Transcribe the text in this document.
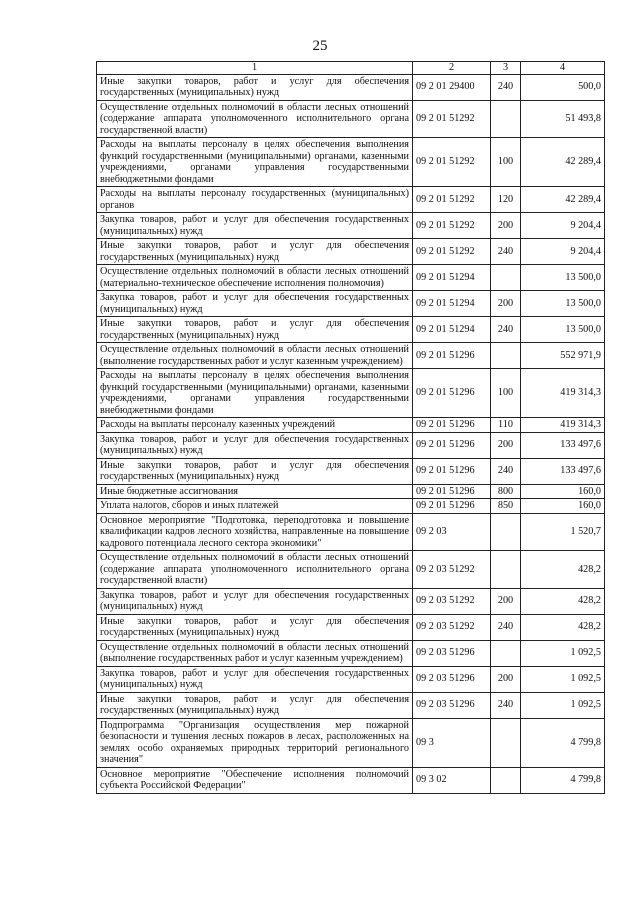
25
1	2	3	4
Иные закупки товаров, работ и услуг для обеспечения государственных (муниципальных) нужд	09 2 01 29400	240	500,0
Осуществление отдельных полномочий в области лесных отношений (содержание аппарата уполномоченного исполнительного органа государственной власти)	09 2 01 51292		51 493,8
Расходы на выплаты персоналу в целях обеспечения выполнения функций государственными (муниципальными) органами, казенными учреждениями, органами управления государственными внебюджетными фондами	09 2 01 51292	100	42 289,4
Расходы на выплаты персоналу государственных (муниципальных) органов	09 2 01 51292	120	42 289,4
Закупка товаров, работ и услуг для обеспечения государственных (муниципальных) нужд	09 2 01 51292	200	9 204,4
Иные закупки товаров, работ и услуг для обеспечения государственных (муниципальных) нужд	09 2 01 51292	240	9 204,4
Осуществление отдельных полномочий в области лесных отношений (материально-техническое обеспечение исполнения полномочия)	09 2 01 51294		13 500,0
Закупка товаров, работ и услуг для обеспечения государственных (муниципальных) нужд	09 2 01 51294	200	13 500,0
Иные закупки товаров, работ и услуг для обеспечения государственных (муниципальных) нужд	09 2 01 51294	240	13 500,0
Осуществление отдельных полномочий в области лесных отношений (выполнение государственных работ и услуг казенным учреждением)	09 2 01 51296		552 971,9
Расходы на выплаты персоналу в целях обеспечения выполнения функций государственными (муниципальными) органами, казенными учреждениями, органами управления государственными внебюджетными фондами	09 2 01 51296	100	419 314,3
Расходы на выплаты персоналу казенных учреждений	09 2 01 51296	110	419 314,3
Закупка товаров, работ и услуг для обеспечения государственных (муниципальных) нужд	09 2 01 51296	200	133 497,6
Иные закупки товаров, работ и услуг для обеспечения государственных (муниципальных) нужд	09 2 01 51296	240	133 497,6
Иные бюджетные ассигнования	09 2 01 51296	800	160,0
Уплата налогов, сборов и иных платежей	09 2 01 51296	850	160,0
Основное мероприятие "Подготовка, переподготовка и повышение квалификации кадров лесного хозяйства, направленные на повышение кадрового потенциала лесного сектора экономики"	09 2 03		1 520,7
Осуществление отдельных полномочий в области лесных отношений (содержание аппарата уполномоченного исполнительного органа государственной власти)	09 2 03 51292		428,2
Закупка товаров, работ и услуг для обеспечения государственных (муниципальных) нужд	09 2 03 51292	200	428,2
Иные закупки товаров, работ и услуг для обеспечения государственных (муниципальных) нужд	09 2 03 51292	240	428,2
Осуществление отдельных полномочий в области лесных отношений (выполнение государственных работ и услуг казенным учреждением)	09 2 03 51296		1 092,5
Закупка товаров, работ и услуг для обеспечения государственных (муниципальных) нужд	09 2 03 51296	200	1 092,5
Иные закупки товаров, работ и услуг для обеспечения государственных (муниципальных) нужд	09 2 03 51296	240	1 092,5
Подпрограмма "Организация осуществления мер пожарной безопасности и тушения лесных пожаров в лесах, расположенных на землях особо охраняемых природных территорий регионального значения"	09 3		4 799,8
Основное мероприятие "Обеспечение исполнения полномочий субъекта Российской Федерации"	09 3 02		4 799,8
